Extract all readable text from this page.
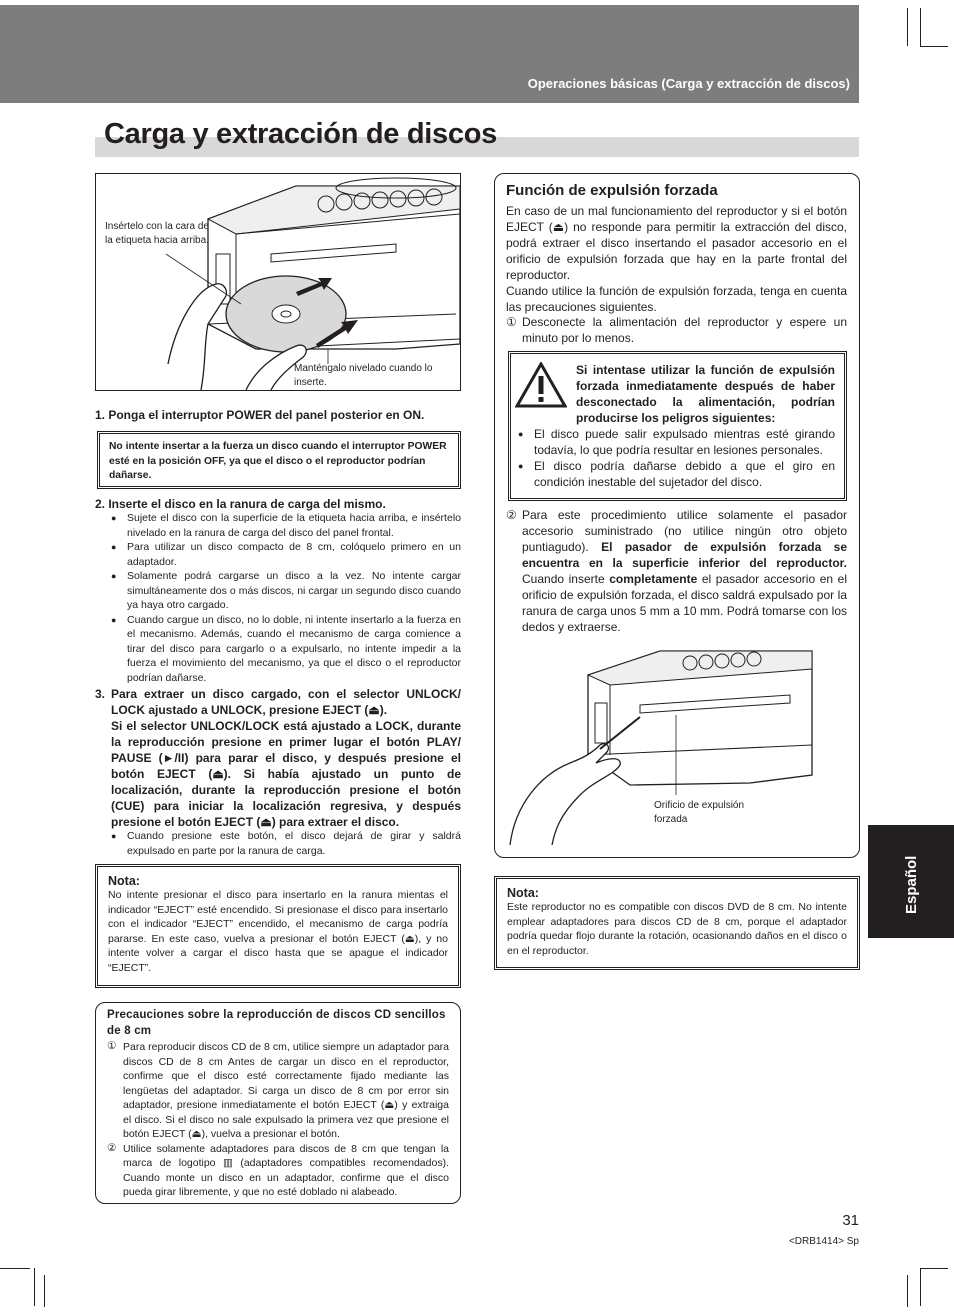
Operaciones básicas (Carga y extracción de discos)
Carga y extracción de discos
Español
Insértelo con la cara de la etiqueta hacia arriba.
Manténgalo nivelado cuando lo inserte.
1. Ponga el interruptor POWER del panel posterior en ON.
No intente insertar a la fuerza un disco cuando el interruptor POWER esté en la posición OFF, ya que el disco o el reproductor podrían dañarse.
2. Inserte el disco en la ranura de carga del mismo.
● Sujete el disco con la superficie de la etiqueta hacia arriba, e insértelo nivelado en la ranura de carga del disco del panel frontal.
● Para utilizar un disco compacto de 8 cm, colóquelo primero en un adaptador.
● Solamente podrá cargarse un disco a la vez. No intente cargar simultáneamente dos o más discos, ni cargar un segundo disco cuando ya haya otro cargado.
● Cuando cargue un disco, no lo doble, ni intente insertarlo a la fuerza en el mecanismo. Además, cuando el mecanismo de carga comience a tirar del disco para cargarlo o a expulsarlo, no intente impedir a la fuerza el movimiento del mecanismo, ya que el disco o el reproductor podrían dañarse.
3. Para extraer un disco cargado, con el selector UNLOCK/ LOCK ajustado a UNLOCK, presione EJECT (⏏).
Si el selector UNLOCK/LOCK está ajustado a LOCK, durante la reproducción presione en primer lugar el botón PLAY/ PAUSE (►/II) para parar el disco, y después presione el botón EJECT (⏏). Si había ajustado un punto de localización, durante la reproducción presione el botón (CUE) para iniciar la localización regresiva, y después presione el botón EJECT (⏏) para extraer el disco.
● Cuando presione este botón, el disco dejará de girar y saldrá expulsado en parte por la ranura de carga.
Nota:
No intente presionar el disco para insertarlo en la ranura mientas el indicador “EJECT” esté encendido. Si presionase el disco para insertarlo con el indicador “EJECT” encendido, el mecanismo de carga podría pararse. En este caso, vuelva a presionar el botón EJECT (⏏), y no intente volver a cargar el disco hasta que se apague el indicador “EJECT”.
Precauciones sobre la reproducción de discos CD sencillos de 8 cm
① Para reproducir discos CD de 8 cm, utilice siempre un adaptador para discos CD de 8 cm Antes de cargar un disco en el reproductor, confirme que el disco esté correctamente fijado mediante las lengüetas del adaptador. Si carga un disco de 8 cm por error sin adaptador, presione inmediatamente el botón EJECT (⏏) y extraiga el disco. Si el disco no sale expulsado la primera vez que presione el botón EJECT (⏏), vuelva a presionar el botón.
② Utilice solamente adaptadores para discos de 8 cm que tengan la marca de logotipo ▥ (adaptadores compatibles recomendados). Cuando monte un disco en un adaptador, confirme que el disco pueda girar libremente, y que no esté doblado ni alabeado.
Función de expulsión forzada
En caso de un mal funcionamiento del reproductor y si el botón EJECT (⏏) no responde para permitir la extracción del disco, podrá extraer el disco insertando el pasador accesorio en el orificio de expulsión forzada que hay en la parte frontal del reproductor.
Cuando utilice la función de expulsión forzada, tenga en cuenta las precauciones siguientes.
① Desconecte la alimentación del reproductor y espere un minuto por lo menos.
Si intentase utilizar la función de expulsión forzada inmediatamente después de haber desconectado la alimentación, podrían producirse los peligros siguientes:
● El disco puede salir expulsado mientras esté girando todavía, lo que podría resultar en lesiones personales.
● El disco podría dañarse debido a que el giro en condición inestable del sujetador del disco.
② Para este procedimiento utilice solamente el pasador accesorio suministrado (no utilice ningún otro objeto puntiagudo). El pasador de expulsión forzada se encuentra en la superficie inferior del reproductor. Cuando inserte completamente el pasador accesorio en el orificio de expulsión forzada, el disco saldrá expulsado por la ranura de carga unos 5 mm a 10 mm. Podrá tomarse con los dedos y extraerse.
Orificio de expulsión forzada
Nota:
Este reproductor no es compatible con discos DVD de 8 cm. No intente emplear adaptadores para discos CD de 8 cm, porque el adaptador podría quedar flojo durante la rotación, ocasionando daños en el disco o en el reproductor.
31
<DRB1414> Sp
